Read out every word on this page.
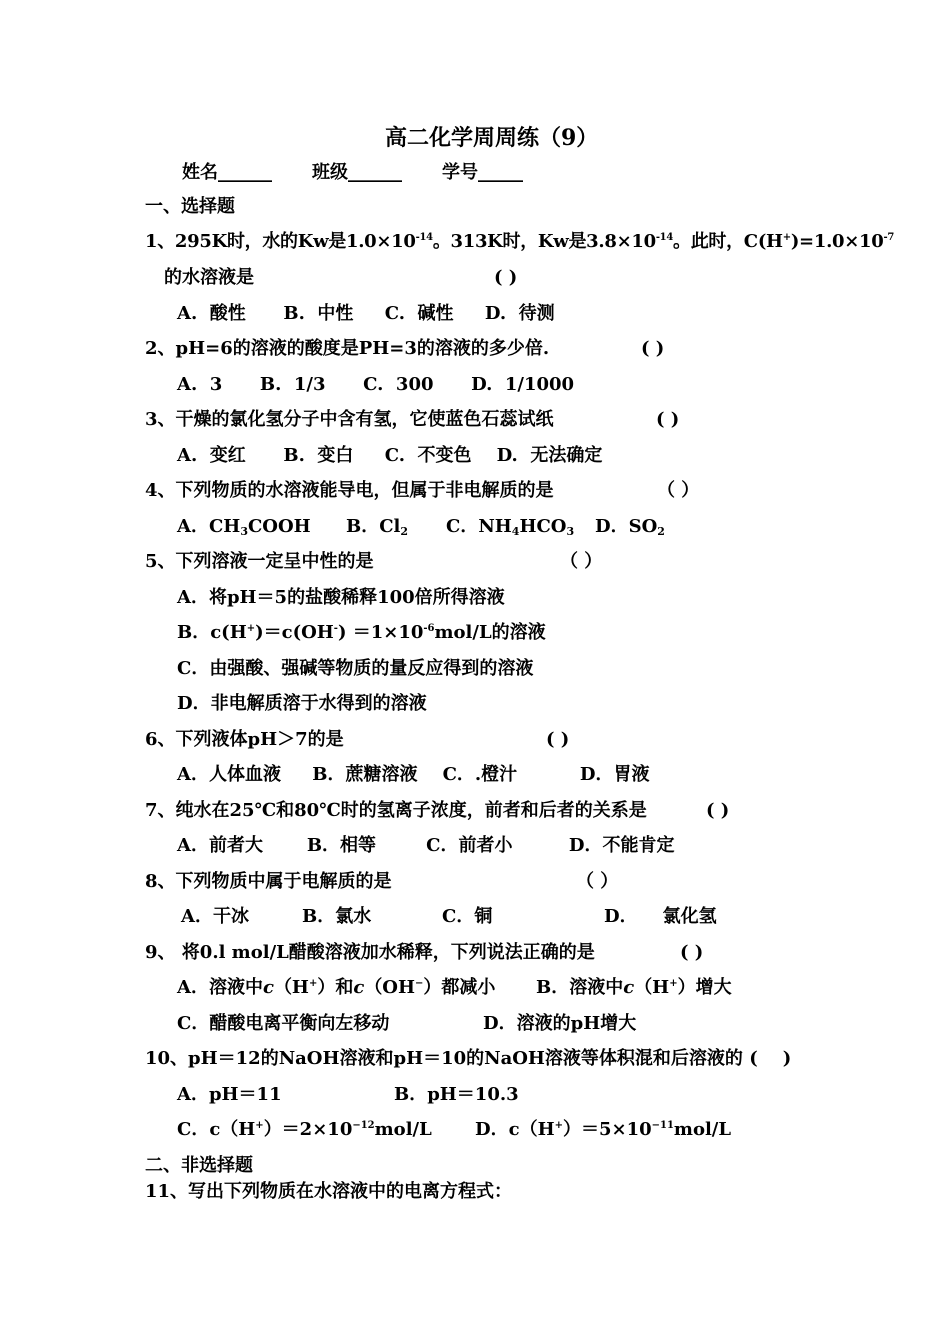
高二化学周周练（9）
姓名______ 班级______ 学号_____
一、选择题
1、295K时，水的Kw是$1.0\times 10^{-14}$。313K时，Kw是$3.8\times 10^{-14}$。此时，$C(H^+)=1.0\times 10^{-7}$
的水溶液是	( )
A.  酸性      B.  中性     C.  碱性     D.  待测
2、pH=6的溶液的酸度是PH=3的溶液的多少倍.	( )
A.  3      B.  1/3      C.  300      D.  1/1000
3、干燥的氯化氢分子中含有氢，它使蓝色石蕊试纸	( )
A.  变红      B.  变白     C.  不变色    D.  无法确定
4、下列物质的水溶液能导电，但属于非电解质的是	（ ）
A．$CH_3COOH$ B．$Cl_2$ C．$NH_4HCO_3$ D．$SO_2$
5、下列溶液一定呈中性的是	（ ）
A．将pH＝5的盐酸稀释100倍所得溶液
B．$c(H^+)=c(OH^-) =1\times 10^{-6}mol/L$的溶液
C．由强酸、强碱等物质的量反应得到的溶液
D．非电解质溶于水得到的溶液
6、下列液体pH＞7的是	( )
A．人体血液     B．蔗糖溶液    C．.橙汁          D．胃液
7、纯水在25℃和80℃时的氢离子浓度，前者和后者的关系是	( )
A．前者大       B．相等        C．前者小         D．不能肯定
8、下列物质中属于电解质的是	（ ）
A．干冰	B．氯水	C．铜	D．    氯化氢
9、 将0.l mol/L醋酸溶液加水稀释，下列说法正确的是	( )
A．溶液中c（H+）和c（OH−）都减小 B．溶液中c（H+）增大
C．醋酸电离平衡向左移动	D．溶液的pH增大
10、pH＝12的NaOH溶液和pH＝10的NaOH溶液等体积混和后溶液的 (    )
A．pH＝11	B．pH＝10.3
C．$c(H^+)=2\times 10^{-12}mol/L$ D．$c(H^+)=5\times 10^{-11}mol/L$
二、非选择题
11、写出下列物质在水溶液中的电离方程式：
